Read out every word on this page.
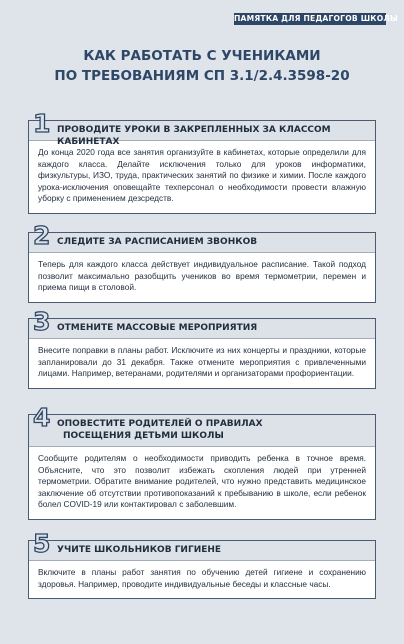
ПАМЯТКА ДЛЯ ПЕДАГОГОВ ШКОЛЫ
КАК РАБОТАТЬ С УЧЕНИКАМИ
ПО ТРЕБОВАНИЯМ СП 3.1/2.4.3598-20
1 ПРОВОДИТЕ УРОКИ В ЗАКРЕПЛЕННЫХ ЗА КЛАССОМ КАБИНЕТАХ
До конца 2020 года все занятия организуйте в кабинетах, которые определили для каждого класса. Делайте исключения только для уроков информатики, физкультуры, ИЗО, труда, практических занятий по физике и химии. После каждого урока-исключения оповещайте техперсонал о необходимости провести влажную уборку с применением дезсредств.
2 СЛЕДИТЕ ЗА РАСПИСАНИЕМ ЗВОНКОВ
Теперь для каждого класса действует индивидуальное расписание. Такой подход позволит максимально разобщить учеников во время термометрии, перемен и приема пищи в столовой.
3 ОТМЕНИТЕ МАССОВЫЕ МЕРОПРИЯТИЯ
Внесите поправки в планы работ. Исключите из них концерты и праздники, которые запланировали до 31 декабря. Также отмените мероприятия с привлеченными лицами. Например, ветеранами, родителями и организаторами профориентации.
4 ОПОВЕСТИТЕ РОДИТЕЛЕЙ О ПРАВИЛАХ
ПОСЕЩЕНИЯ ДЕТЬМИ ШКОЛЫ
Сообщите родителям о необходимости приводить ребенка в точное время. Объясните, что это позволит избежать скопления людей при утренней термометрии. Обратите внимание родителей, что нужно представить медицинское заключение об отсутствии противопоказаний к пребыванию в школе, если ребенок болел COVID-19 или контактировал с заболевшим.
5 УЧИТЕ ШКОЛЬНИКОВ ГИГИЕНЕ
Включите в планы работ занятия по обучению детей гигиене и сохранению здоровья. Например, проводите индивидуальные беседы и классные часы.
